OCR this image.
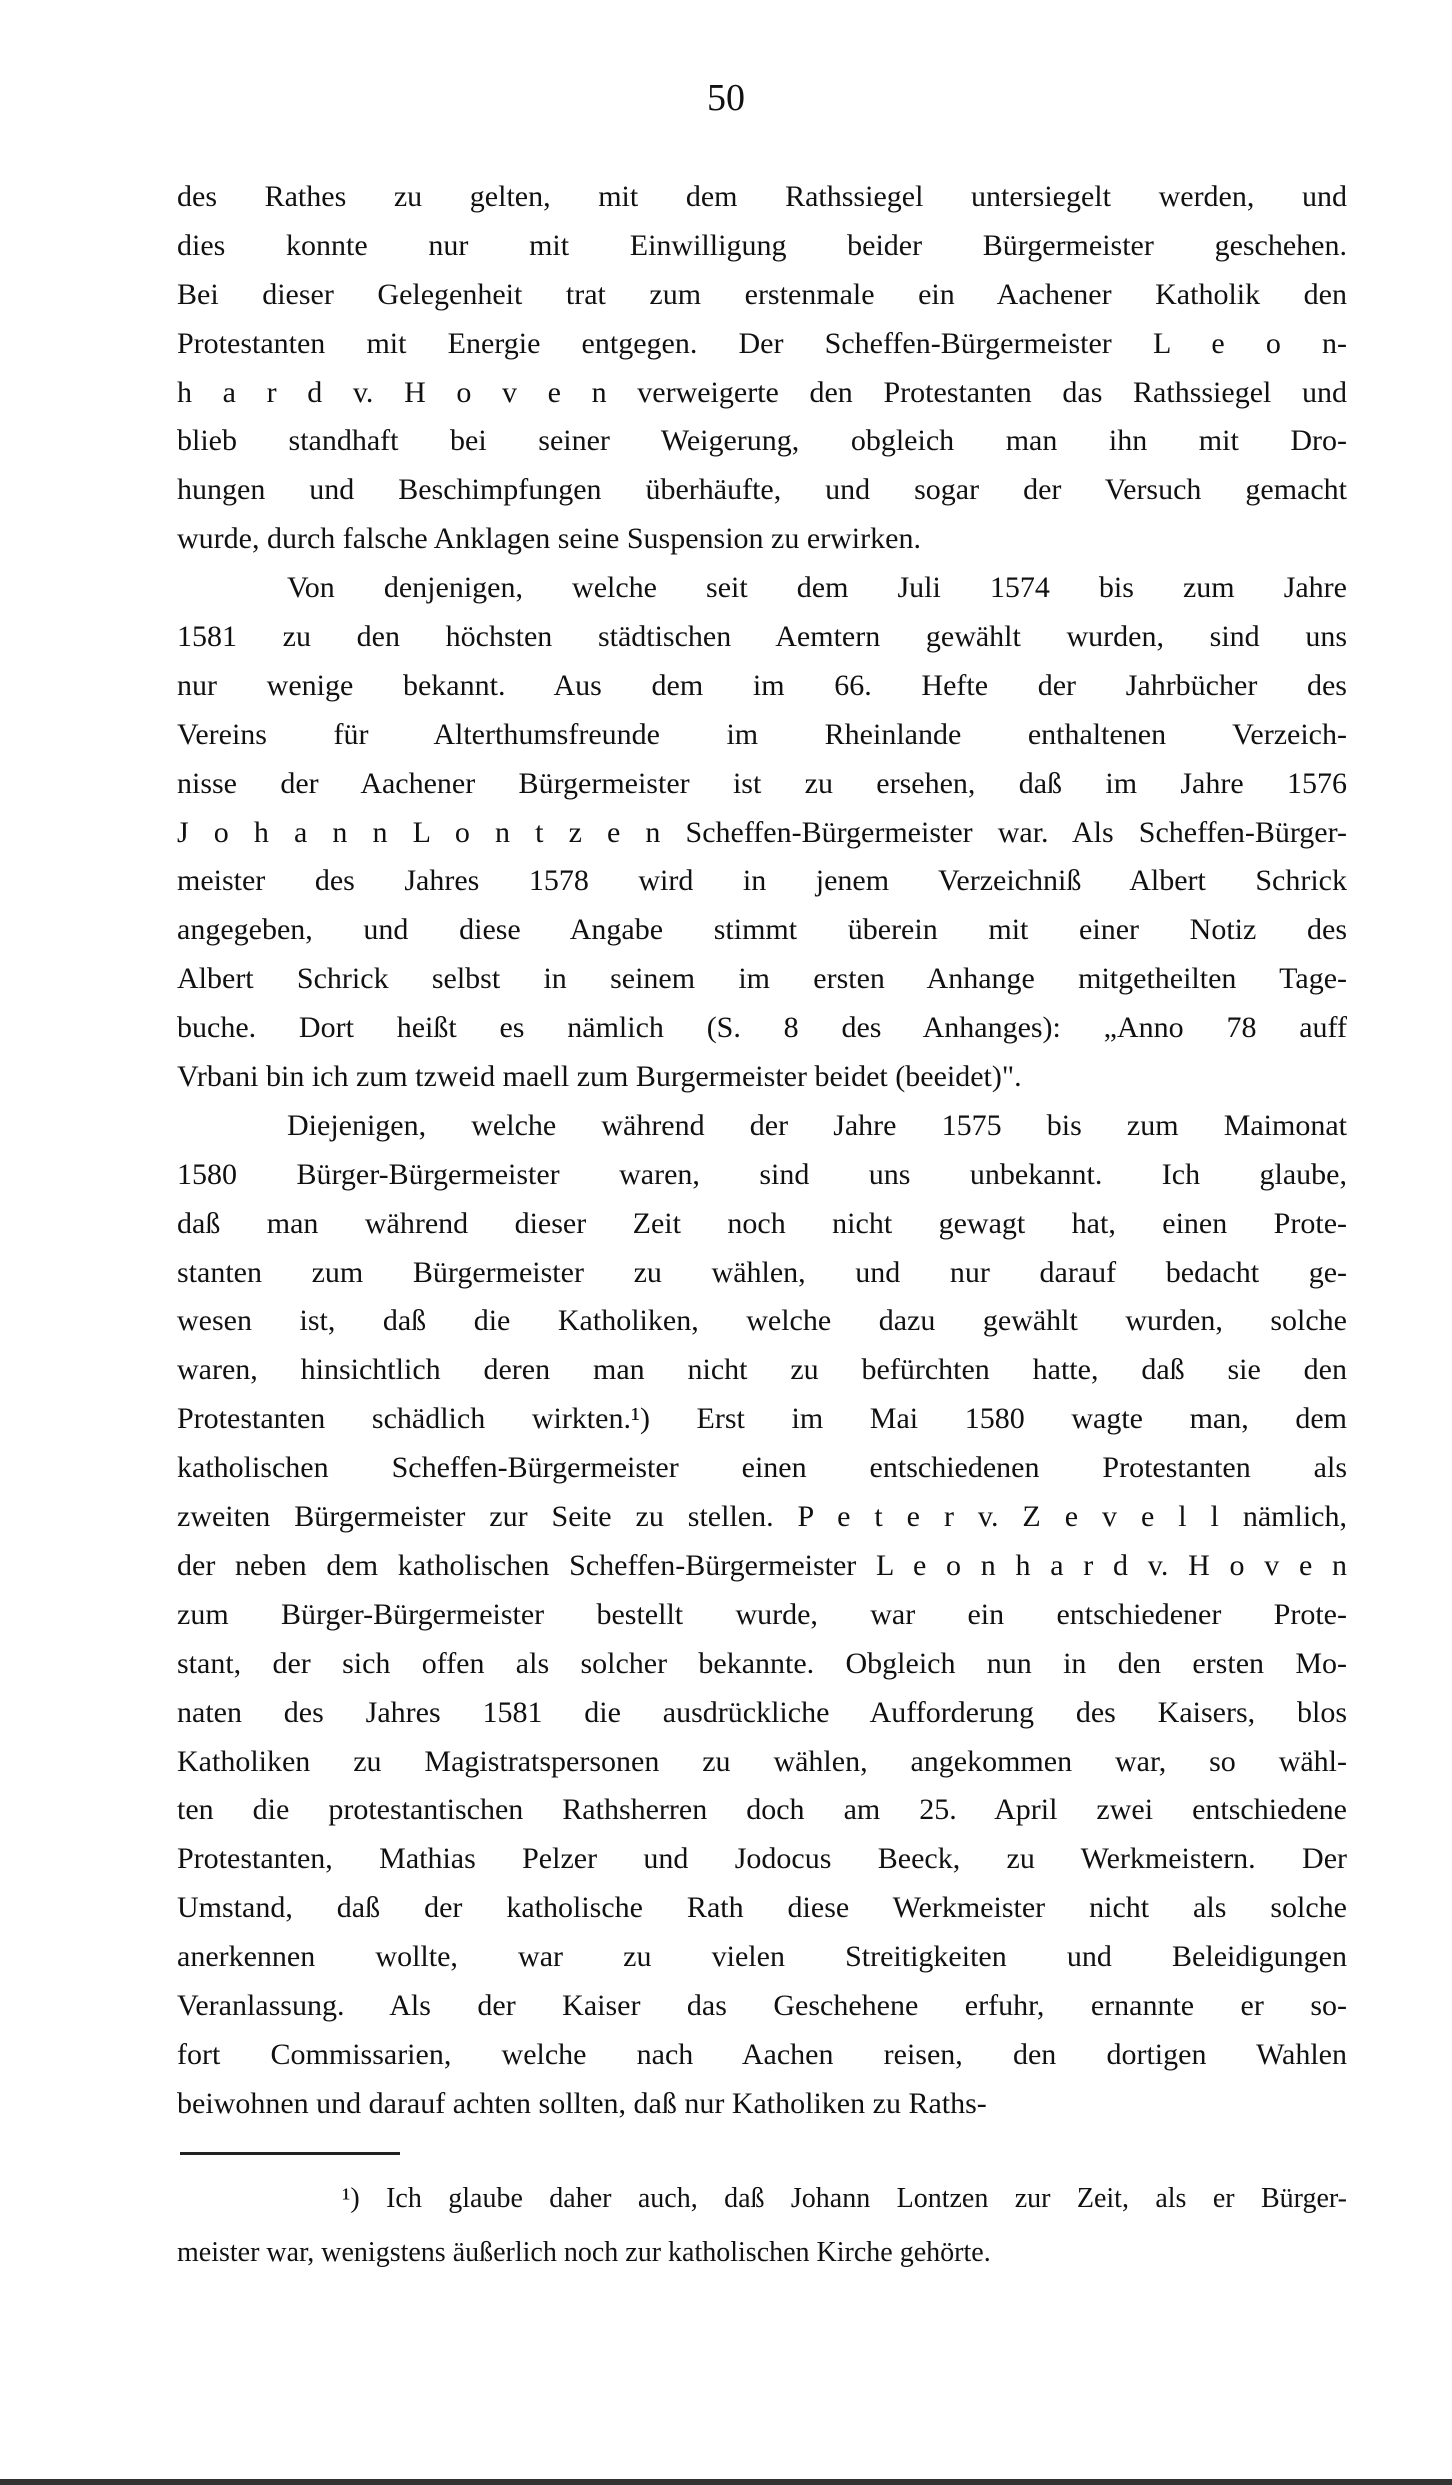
50
des Rathes zu gelten, mit dem Rathssiegel untersiegelt werden, und
dies konnte nur mit Einwilligung beider Bürgermeister geschehen.
Bei dieser Gelegenheit trat zum erstenmale ein Aachener Katholik den
Protestanten mit Energie entgegen. Der Scheffen-Bürgermeister L e o n-
h a r d v. H o v e n verweigerte den Protestanten das Rathssiegel und
blieb standhaft bei seiner Weigerung, obgleich man ihn mit Dro-
hungen und Beschimpfungen überhäufte, und sogar der Versuch gemacht
wurde, durch falsche Anklagen seine Suspension zu erwirken.
Von denjenigen, welche seit dem Juli 1574 bis zum Jahre
1581 zu den höchsten städtischen Aemtern gewählt wurden, sind uns
nur wenige bekannt. Aus dem im 66. Hefte der Jahrbücher des
Vereins für Alterthumsfreunde im Rheinlande enthaltenen Verzeich-
nisse der Aachener Bürgermeister ist zu ersehen, daß im Jahre 1576
J o h a n n L o n t z e n Scheffen-Bürgermeister war. Als Scheffen-Bürger-
meister des Jahres 1578 wird in jenem Verzeichniß Albert Schrick
angegeben, und diese Angabe stimmt überein mit einer Notiz des
Albert Schrick selbst in seinem im ersten Anhange mitgetheilten Tage-
buche. Dort heißt es nämlich (S. 8 des Anhanges): „Anno 78 auff
Vrbani bin ich zum tzweid maell zum Burgermeister beidet (beeidet)".
Diejenigen, welche während der Jahre 1575 bis zum Maimonat
1580 Bürger-Bürgermeister waren, sind uns unbekannt. Ich glaube,
daß man während dieser Zeit noch nicht gewagt hat, einen Prote-
stanten zum Bürgermeister zu wählen, und nur darauf bedacht ge-
wesen ist, daß die Katholiken, welche dazu gewählt wurden, solche
waren, hinsichtlich deren man nicht zu befürchten hatte, daß sie den
Protestanten schädlich wirkten.¹) Erst im Mai 1580 wagte man, dem
katholischen Scheffen-Bürgermeister einen entschiedenen Protestanten als
zweiten Bürgermeister zur Seite zu stellen. P e t e r v. Z e v e l l nämlich,
der neben dem katholischen Scheffen-Bürgermeister L e o n h a r d v. H o v e n
zum Bürger-Bürgermeister bestellt wurde, war ein entschiedener Prote-
stant, der sich offen als solcher bekannte. Obgleich nun in den ersten Mo-
naten des Jahres 1581 die ausdrückliche Aufforderung des Kaisers, blos
Katholiken zu Magistratspersonen zu wählen, angekommen war, so wähl-
ten die protestantischen Rathsherren doch am 25. April zwei entschiedene
Protestanten, Mathias Pelzer und Jodocus Beeck, zu Werkmeistern. Der
Umstand, daß der katholische Rath diese Werkmeister nicht als solche
anerkennen wollte, war zu vielen Streitigkeiten und Beleidigungen
Veranlassung. Als der Kaiser das Geschehene erfuhr, ernannte er so-
fort Commissarien, welche nach Aachen reisen, den dortigen Wahlen
beiwohnen und darauf achten sollten, daß nur Katholiken zu Raths-
¹) Ich glaube daher auch, daß Johann Lontzen zur Zeit, als er Bürger-
meister war, wenigstens äußerlich noch zur katholischen Kirche gehörte.
